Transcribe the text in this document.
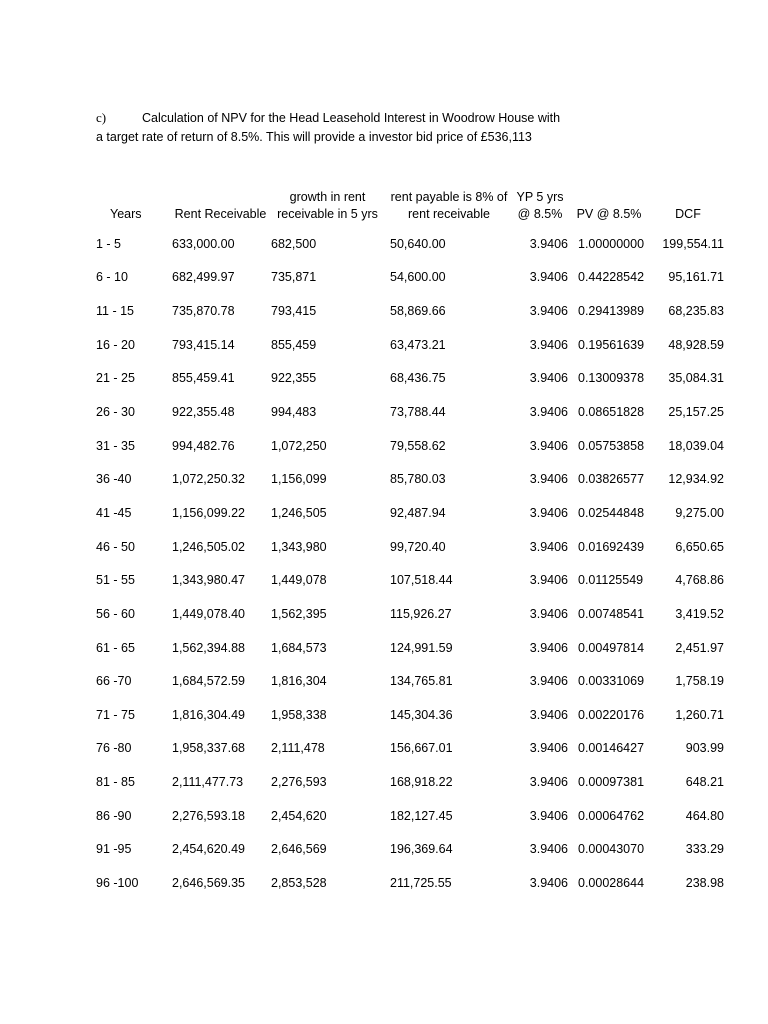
c)	Calculation of NPV for the Head Leasehold Interest in Woodrow House with a target rate of return of 8.5%. This will provide a investor bid price of £536,113
Years	Rent Receivable	growth in rent receivable in 5 yrs	rent payable is 8% of rent receivable	YP 5 yrs @ 8.5%	PV @ 8.5%	DCF
1 - 5	633,000.00	682,500	50,640.00	3.9406	1.00000000	199,554.11
6 - 10	682,499.97	735,871	54,600.00	3.9406	0.44228542	95,161.71
11 - 15	735,870.78	793,415	58,869.66	3.9406	0.29413989	68,235.83
16 - 20	793,415.14	855,459	63,473.21	3.9406	0.19561639	48,928.59
21 - 25	855,459.41	922,355	68,436.75	3.9406	0.13009378	35,084.31
26 - 30	922,355.48	994,483	73,788.44	3.9406	0.08651828	25,157.25
31 - 35	994,482.76	1,072,250	79,558.62	3.9406	0.05753858	18,039.04
36 -40	1,072,250.32	1,156,099	85,780.03	3.9406	0.03826577	12,934.92
41 -45	1,156,099.22	1,246,505	92,487.94	3.9406	0.02544848	9,275.00
46 - 50	1,246,505.02	1,343,980	99,720.40	3.9406	0.01692439	6,650.65
51 - 55	1,343,980.47	1,449,078	107,518.44	3.9406	0.01125549	4,768.86
56 - 60	1,449,078.40	1,562,395	115,926.27	3.9406	0.00748541	3,419.52
61 - 65	1,562,394.88	1,684,573	124,991.59	3.9406	0.00497814	2,451.97
66 -70	1,684,572.59	1,816,304	134,765.81	3.9406	0.00331069	1,758.19
71 - 75	1,816,304.49	1,958,338	145,304.36	3.9406	0.00220176	1,260.71
76 -80	1,958,337.68	2,111,478	156,667.01	3.9406	0.00146427	903.99
81 - 85	2,111,477.73	2,276,593	168,918.22	3.9406	0.00097381	648.21
86 -90	2,276,593.18	2,454,620	182,127.45	3.9406	0.00064762	464.80
91 -95	2,454,620.49	2,646,569	196,369.64	3.9406	0.00043070	333.29
96 -100	2,646,569.35	2,853,528	211,725.55	3.9406	0.00028644	238.98
